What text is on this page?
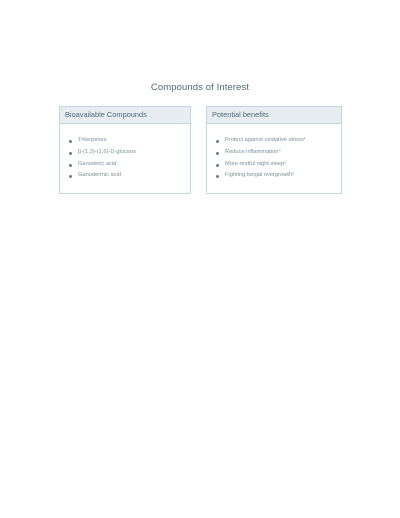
Compounds of Interest
Bioavailable Compounds
Triterpenes
β-(1,3)-(1,6)-D-glucans
Ganoderic acid
Ganodermic acid
Potential benefits
Protect against oxidative stress¹
Reduce inflammation⁴
More restful night sleep⁵
Fighting fungal overgrowth⁶
